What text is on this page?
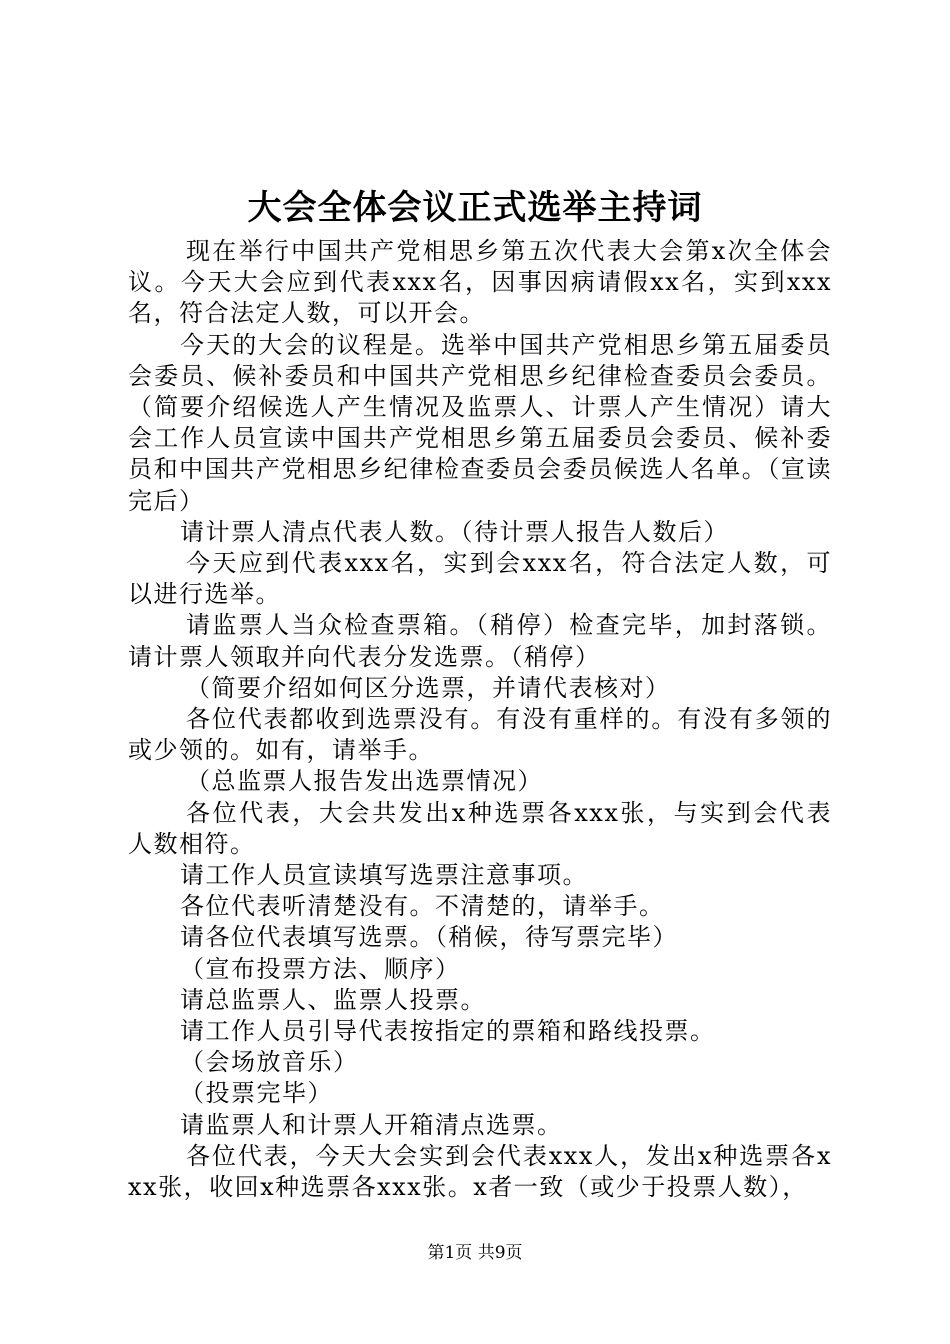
大会全体会议正式选举主持词

现在举行中国共产党相思乡第五次代表大会第x次全体会议。今天大会应到代表xxx名，因事因病请假xx名，实到xxx名，符合法定人数，可以开会。

今天的大会的议程是。选举中国共产党相思乡第五届委员会委员、候补委员和中国共产党相思乡纪律检查委员会委员。（简要介绍候选人产生情况及监票人、计票人产生情况）请大会工作人员宣读中国共产党相思乡第五届委员会委员、候补委员和中国共产党相思乡纪律检查委员会委员候选人名单。（宣读完后）

请计票人清点代表人数。（待计票人报告人数后）

今天应到代表xxx名，实到会xxx名，符合法定人数，可以进行选举。

请监票人当众检查票箱。（稍停）检查完毕，加封落锁。请计票人领取并向代表分发选票。（稍停）

（简要介绍如何区分选票，并请代表核对）

各位代表都收到选票没有。有没有重样的。有没有多领的或少领的。如有，请举手。

（总监票人报告发出选票情况）

各位代表，大会共发出x种选票各xxx张，与实到会代表人数相符。

请工作人员宣读填写选票注意事项。

各位代表听清楚没有。不清楚的，请举手。

请各位代表填写选票。（稍候，待写票完毕）

（宣布投票方法、顺序）

请总监票人、监票人投票。

请工作人员引导代表按指定的票箱和路线投票。

（会场放音乐）

（投票完毕）

请监票人和计票人开箱清点选票。

各位代表，今天大会实到会代表xxx人，发出x种选票各xxx张，收回x种选票各xxx张。x者一致（或少于投票人数），

第1页 共9页
